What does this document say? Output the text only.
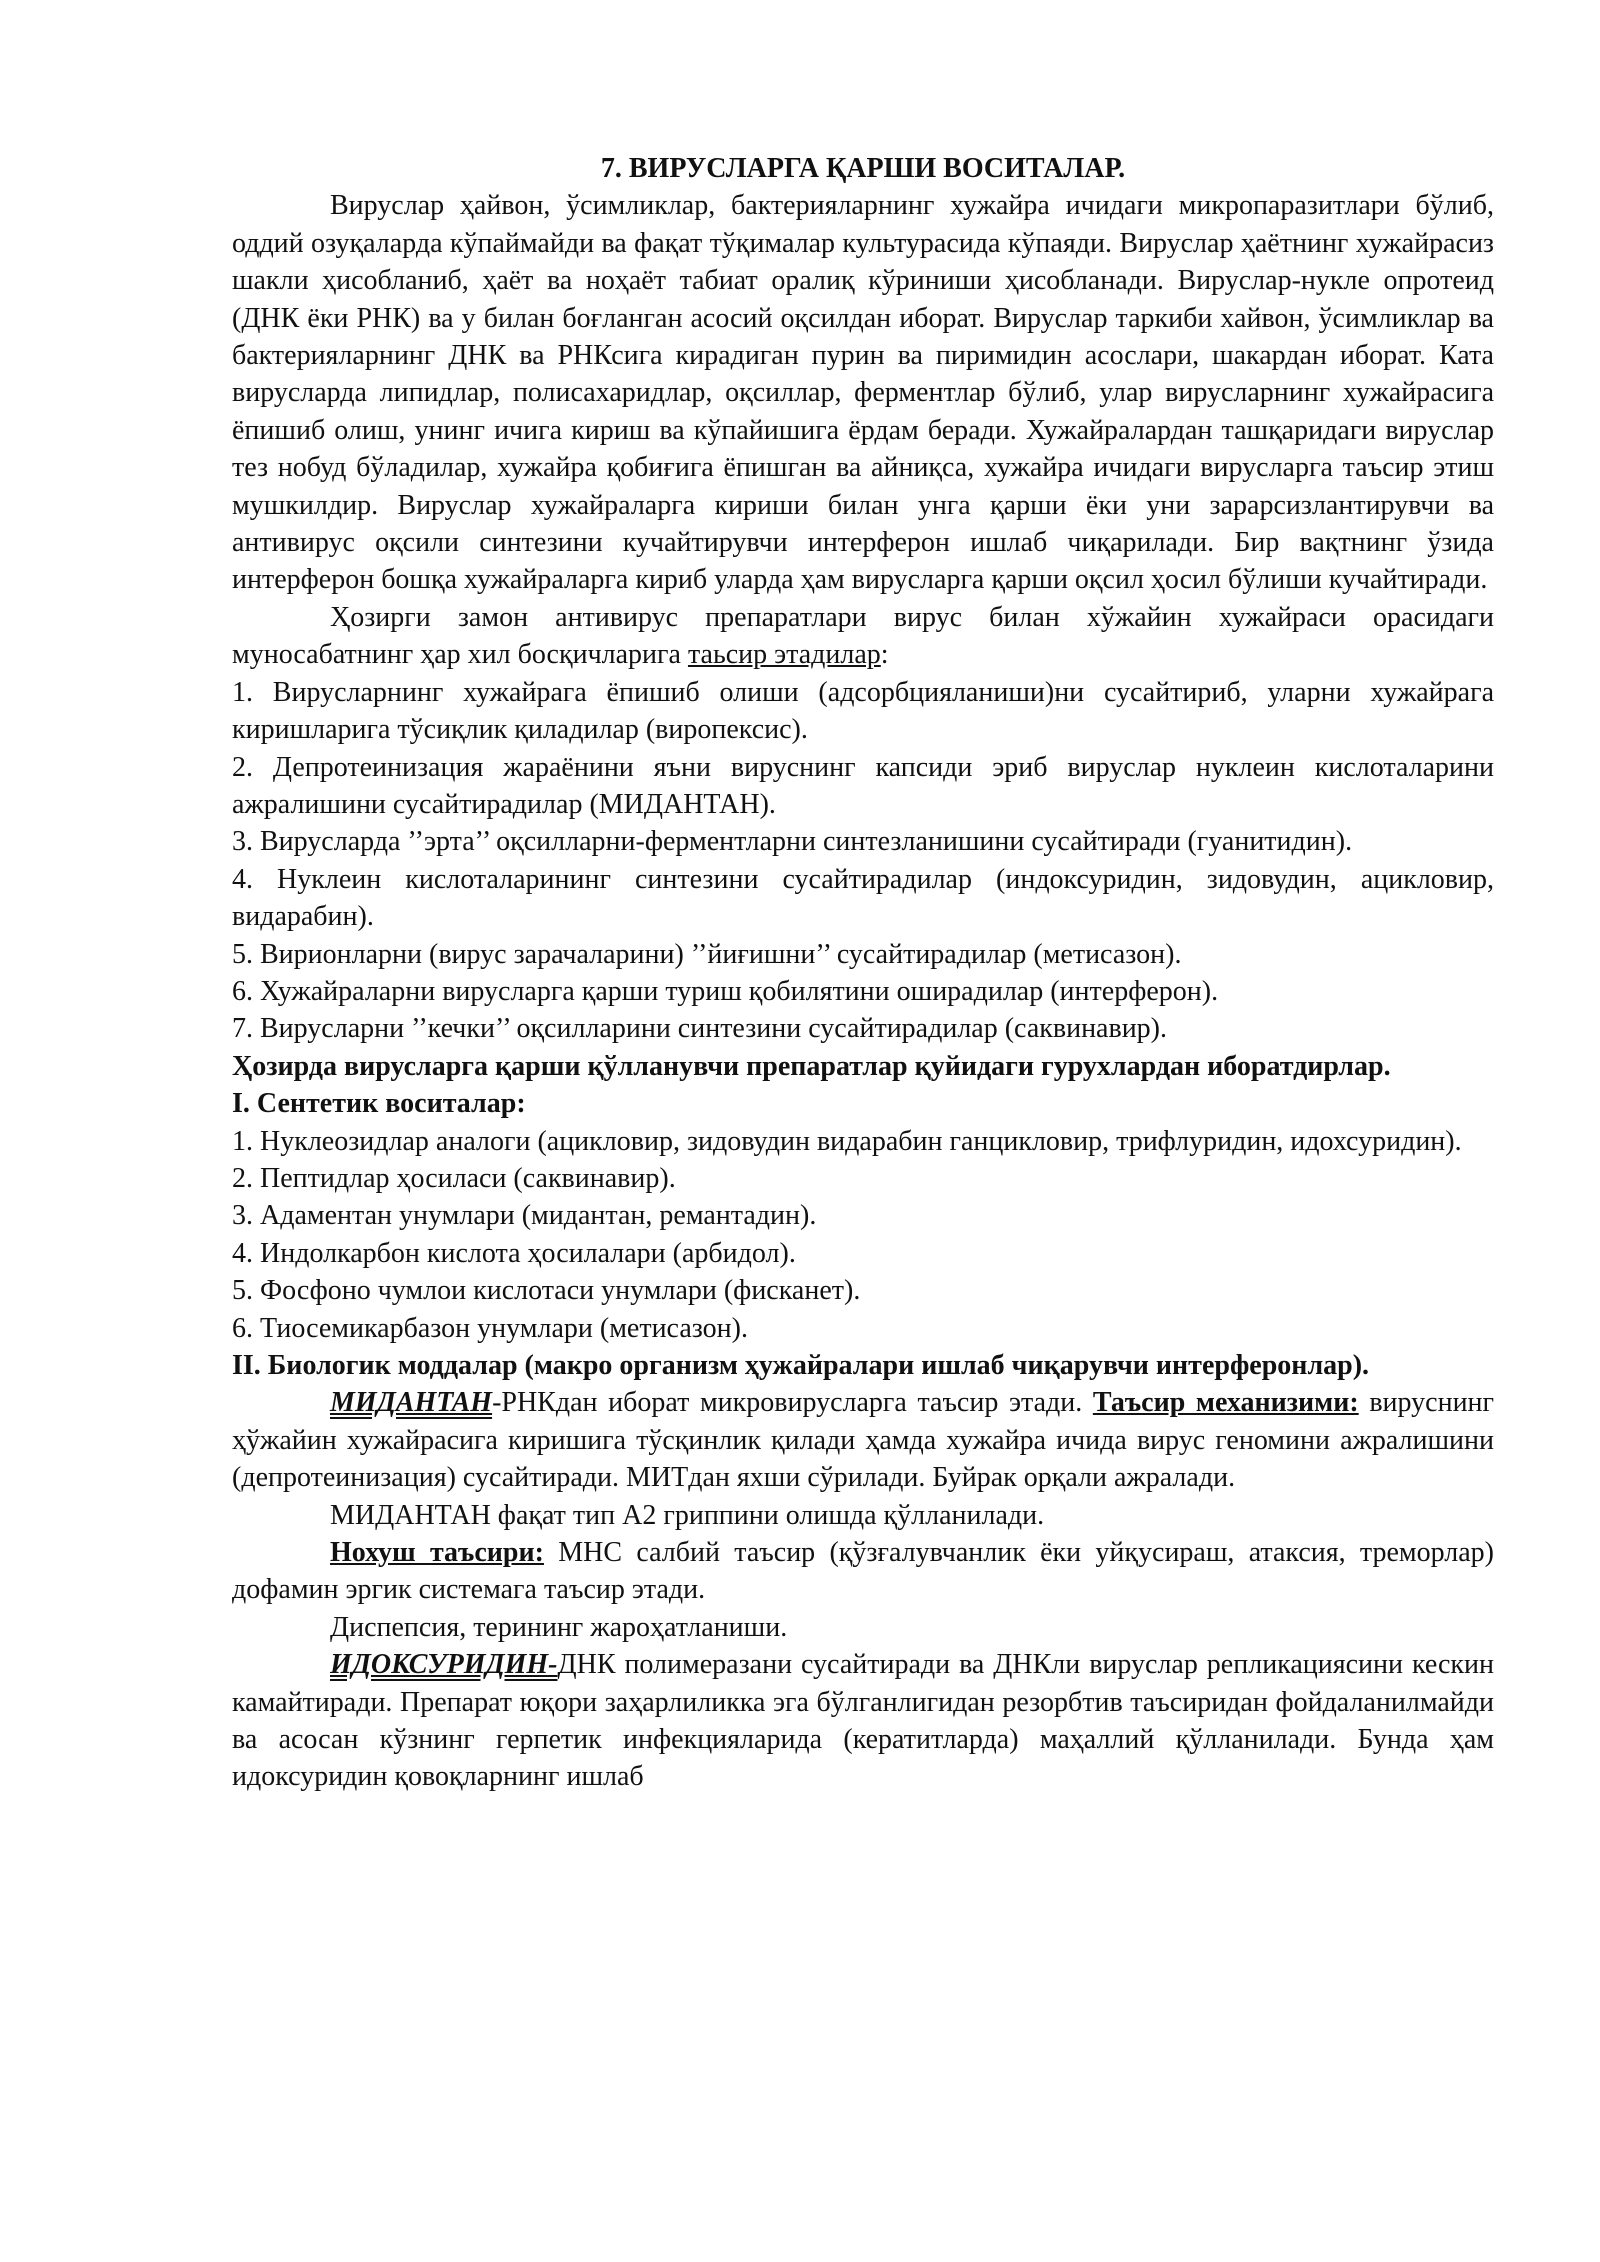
7. ВИРУСЛАРГА ҚАРШИ ВОСИТАЛАР.

Вируслар ҳайвон, ўсимликлар, бактерияларнинг хужайра ичидаги микропаразитлари бўлиб, оддий озуқаларда кўпаймайди ва фақат тўқималар культурасида кўпаяди. Вируслар ҳаётнинг хужайрасиз шакли ҳисобланиб, ҳаёт ва ноҳаёт табиат оралиқ кўриниши ҳисобланади. Вируслар-нукле опротеид (ДНК ёки РНК) ва у билан боғланган асосий оқсилдан иборат. Вируслар таркиби хайвон, ўсимликлар ва бактерияларнинг ДНК ва РНКсига кирадиган пурин ва пиримидин асослари, шакардан иборат. Ката вирусларда липидлар, полисахаридлар, оқсиллар, ферментлар бўлиб, улар вирусларнинг хужайрасига ёпишиб олиш, унинг ичига кириш ва кўпайишига ёрдам беради. Хужайралардан ташқаридаги вируслар тез нобуд бўладилар, хужайра қобиғига ёпишган ва айниқса, хужайра ичидаги вирусларга таъсир этиш мушкилдир. Вируслар хужайраларга кириши билан унга қарши ёки уни зарарсизлантирувчи ва антивирус оқсили синтезини кучайтирувчи интерферон ишлаб чиқарилади. Бир вақтнинг ўзида интерферон бошқа хужайраларга кириб уларда ҳам вирусларга қарши оқсил ҳосил бўлиши кучайтиради.

Ҳозирги замон антивирус препаратлари вирус билан хўжайин хужайраси орасидаги муносабатнинг ҳар хил босқичларига таьсир этадилар:

1. Вирусларнинг хужайрага ёпишиб олиши (адсорбцияланиши)ни сусайтириб, уларни хужайрага киришларига тўсиқлик қиладилар (виропексис).

2. Депротеинизация жараёнини яъни вируснинг капсиди эриб вируслар нуклеин кислоталарини ажралишини сусайтирадилар (МИДАНТАН).

3. Вирусларда ’’эрта’’ оқсилларни-ферментларни синтезланишини сусайтиради (гуанитидин).

4. Нуклеин кислоталарининг синтезини сусайтирадилар (индоксуридин, зидовудин, ацикловир, видарабин).

5. Вирионларни (вирус зарачаларини) ’’йиғишни’’ сусайтирадилар (метисазон).

6. Хужайраларни вирусларга қарши туриш қобилятини оширадилар (интерферон).

7. Вирусларни ’’кечки’’ оқсилларини синтезини сусайтирадилар (саквинавир).

Ҳозирда вирусларга қарши қўлланувчи препаратлар қуйидаги гурухлардан иборатдирлар.

I. Сентетик воситалар:

1. Нуклеозидлар аналоги (ацикловир, зидовудин видарабин ганцикловир, трифлуридин, идохсуридин).

2. Пептидлар ҳосиласи (саквинавир).

3. Адаментан унумлари (мидантан, ремантадин).

4. Индолкарбон кислота ҳосилалари (арбидол).

5. Фосфоно чумлои кислотаси унумлари (фисканет).

6. Тиосемикарбазон унумлари (метисазон).

II. Биологик моддалар (макро организм ҳужайралари ишлаб чиқарувчи интерферонлар).

МИДАНТАН-РНКдан иборат микровирусларга таъсир этади. Таъсир механизими: вируснинг ҳўжайин хужайрасига киришига тўсқинлик қилади ҳамда хужайра ичида вирус геномини ажралишини (депротеинизация) сусайтиради. МИТдан яхши сўрилади. Буйрак орқали ажралади.

МИДАНТАН фақат тип А2 гриппини олишда қўлланилади.

Нохуш таъсири: МНС салбий таъсир (қўзғалувчанлик ёки уйқусираш, атаксия, треморлар) дофамин эргик системага таъсир этади.

Диспепсия, терининг жароҳатланиши.

ИДОКСУРИДИН-ДНК полимеразани сусайтиради ва ДНКли вируслар репликациясини кескин камайтиради. Препарат юқори заҳарлиликка эга бўлганлигидан резорбтив таъсиридан фойдаланилмайди ва асосан кўзнинг герпетик инфекцияларида (кератитларда) маҳаллий қўлланилади. Бунда ҳам идоксуридин қовоқларнинг ишлаб
